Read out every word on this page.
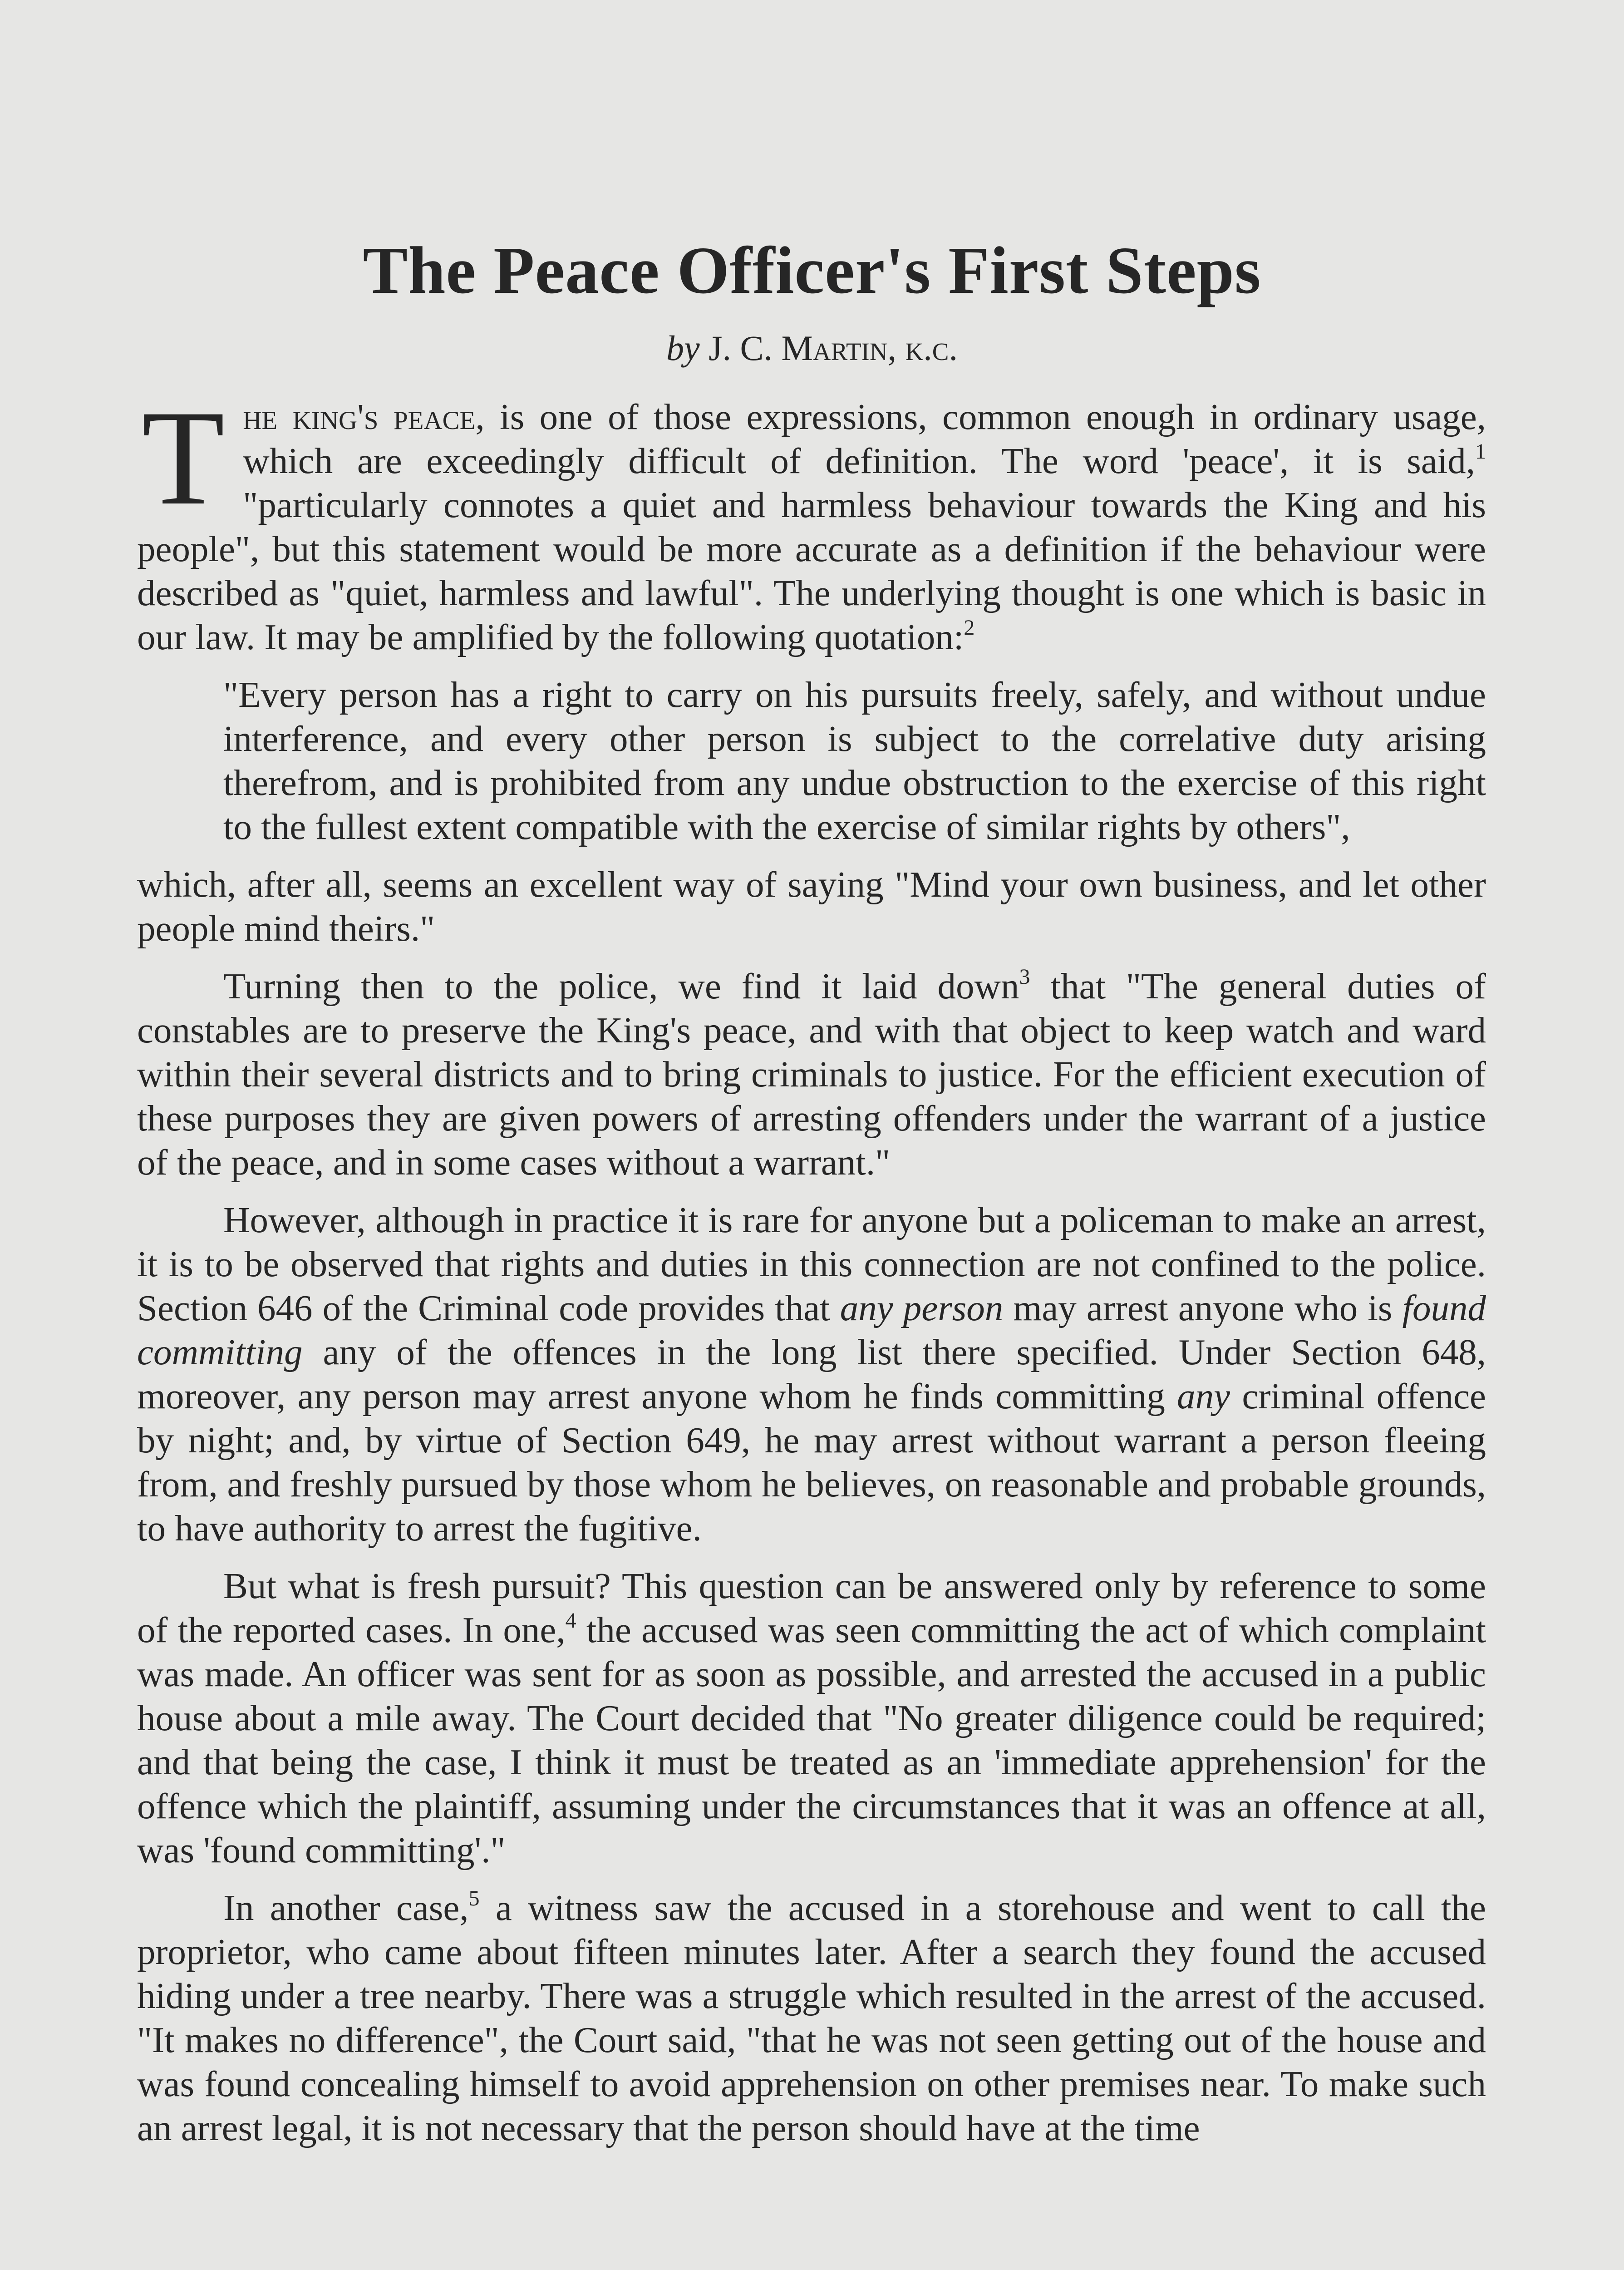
The Peace Officer's First Steps

by J. C. Martin, k.c.

The king's peace, is one of those expressions, common enough in ordinary usage, which are exceedingly difficult of definition. The word 'peace', it is said,$^1$ "particularly connotes a quiet and harmless behaviour towards the King and his people", but this statement would be more accurate as a definition if the behaviour were described as "quiet, harmless and lawful". The underlying thought is one which is basic in our law. It may be amplified by the following quotation:$^2$

"Every person has a right to carry on his pursuits freely, safely, and without undue interference, and every other person is subject to the correlative duty arising therefrom, and is prohibited from any undue obstruction to the exercise of this right to the fullest extent compatible with the exercise of similar rights by others",

which, after all, seems an excellent way of saying "Mind your own business, and let other people mind theirs."

Turning then to the police, we find it laid down$^3$ that "The general duties of constables are to preserve the King's peace, and with that object to keep watch and ward within their several districts and to bring criminals to justice. For the efficient execution of these purposes they are given powers of arresting offenders under the warrant of a justice of the peace, and in some cases without a warrant."

However, although in practice it is rare for anyone but a policeman to make an arrest, it is to be observed that rights and duties in this connection are not confined to the police. Section 646 of the Criminal code provides that any person may arrest anyone who is found committing any of the offences in the long list there specified. Under Section 648, moreover, any person may arrest anyone whom he finds committing any criminal offence by night; and, by virtue of Section 649, he may arrest without warrant a person fleeing from, and freshly pursued by those whom he believes, on reasonable and probable grounds, to have authority to arrest the fugitive.

But what is fresh pursuit? This question can be answered only by reference to some of the reported cases. In one,$^4$ the accused was seen committing the act of which complaint was made. An officer was sent for as soon as possible, and arrested the accused in a public house about a mile away. The Court decided that "No greater diligence could be required; and that being the case, I think it must be treated as an 'immediate apprehension' for the offence which the plaintiff, assuming under the circumstances that it was an offence at all, was 'found committing'."

In another case,$^5$ a witness saw the accused in a storehouse and went to call the proprietor, who came about fifteen minutes later. After a search they found the accused hiding under a tree nearby. There was a struggle which resulted in the arrest of the accused. "It makes no difference", the Court said, "that he was not seen getting out of the house and was found concealing himself to avoid apprehension on other premises near. To make such an arrest legal, it is not necessary that the person should have at the time
